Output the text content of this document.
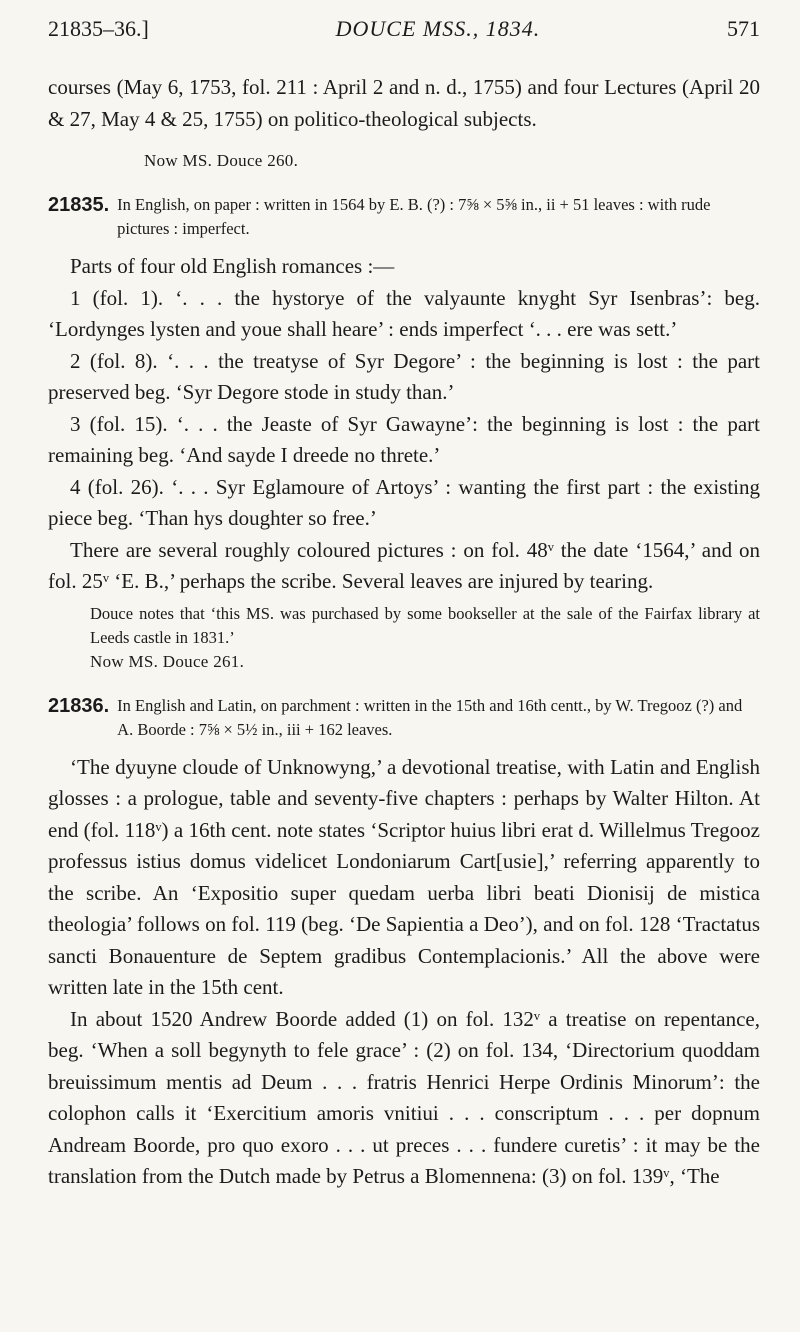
21835–36.]	DOUCE MSS., 1834.	571

courses (May 6, 1753, fol. 211 : April 2 and n. d., 1755) and four Lectures (April 20 & 27, May 4 & 25, 1755) on politico-theological subjects.

Now MS. Douce 260.
21835. In English, on paper : written in 1564 by E. B. (?) : 7⅝ × 5⅝ in., ii + 51 leaves : with rude pictures : imperfect.

Parts of four old English romances :—

1 (fol. 1). ‘. . . the hystorye of the valyaunte knyght Syr Isenbras’: beg. ‘Lordynges lysten and youe shall heare’ : ends imperfect ‘. . . ere was sett.’

2 (fol. 8). ‘. . . the treatyse of Syr Degore’ : the beginning is lost : the part preserved beg. ‘Syr Degore stode in study than.’

3 (fol. 15). ‘. . . the Jeaste of Syr Gawayne’: the beginning is lost : the part remaining beg. ‘And sayde I dreede no threte.’

4 (fol. 26). ‘. . . Syr Eglamoure of Artoys’ : wanting the first part : the existing piece beg. ‘Than hys doughter so free.’

There are several roughly coloured pictures : on fol. 48ᵛ the date ‘1564,’ and on fol. 25ᵛ ‘E. B.,’ perhaps the scribe. Several leaves are injured by tearing.

Douce notes that ‘this MS. was purchased by some bookseller at the sale of the Fairfax library at Leeds castle in 1831.’
Now MS. Douce 261.
21836. In English and Latin, on parchment : written in the 15th and 16th centt., by W. Tregooz (?) and A. Boorde : 7⅝ × 5½ in., iii + 162 leaves.

‘The dyuyne cloude of Unknowyng,’ a devotional treatise, with Latin and English glosses : a prologue, table and seventy-five chapters : perhaps by Walter Hilton. At end (fol. 118ᵛ) a 16th cent. note states ‘Scriptor huius libri erat d. Willelmus Tregooz professus istius domus videlicet Londoniarum Cart[usie],’ referring apparently to the scribe. An ‘Expositio super quedam uerba libri beati Dionisij de mistica theologia’ follows on fol. 119 (beg. ‘De Sapientia a Deo’), and on fol. 128 ‘Tractatus sancti Bonauenture de Septem gradibus Contemplacionis.’ All the above were written late in the 15th cent.

In about 1520 Andrew Boorde added (1) on fol. 132ᵛ a treatise on repentance, beg. ‘When a soll begynyth to fele grace’ : (2) on fol. 134, ‘Directorium quoddam breuissimum mentis ad Deum . . . fratris Henrici Herpe Ordinis Minorum’: the colophon calls it ‘Exercitium amoris vnitiui . . . conscriptum . . . per dopnum Andream Boorde, pro quo exoro . . . ut preces . . . fundere curetis’ : it may be the translation from the Dutch made by Petrus a Blomennena: (3) on fol. 139ᵛ, ‘The
